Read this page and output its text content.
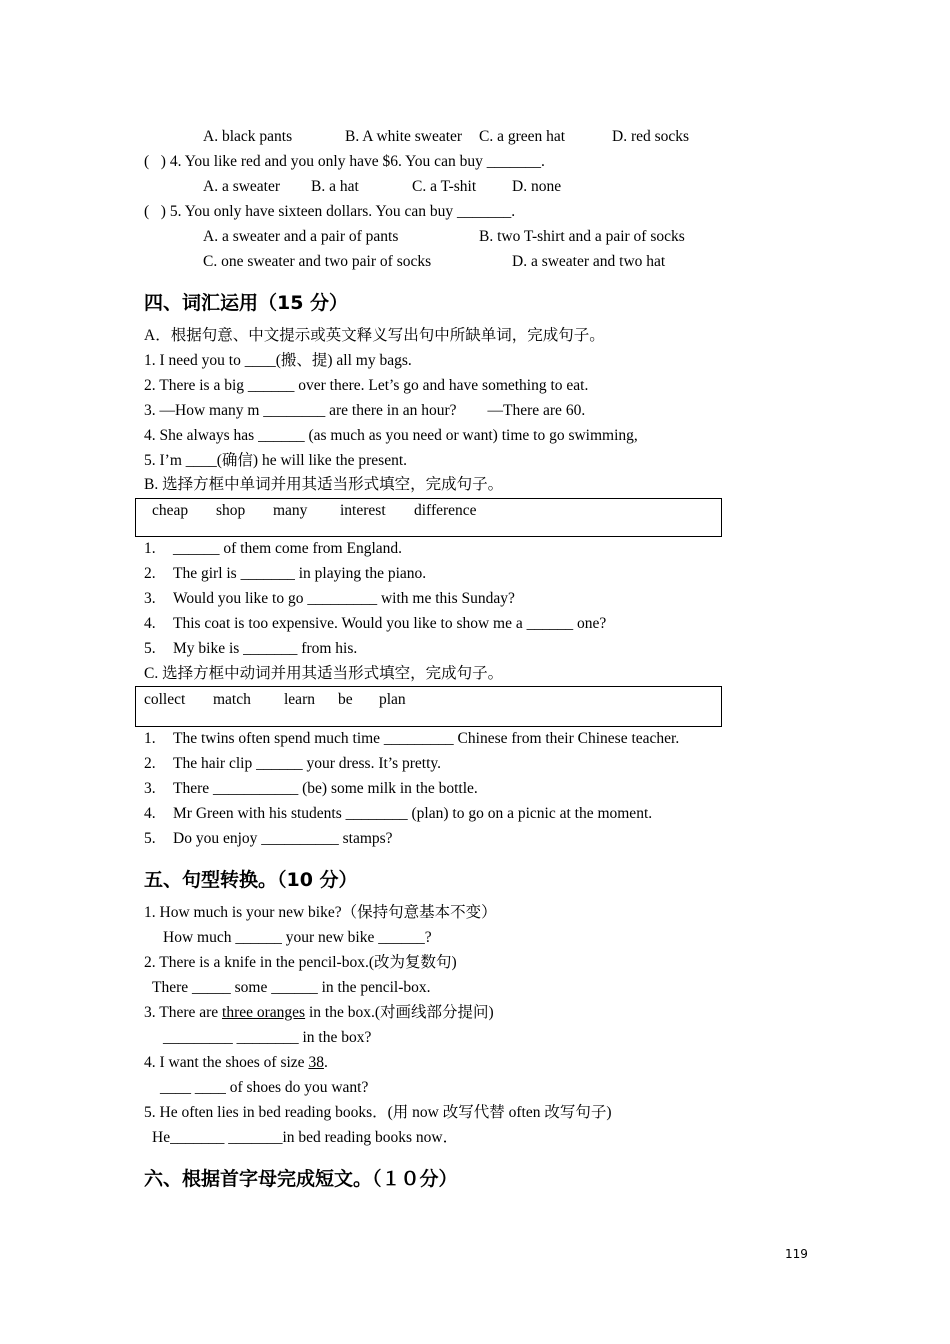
A. black pants	B. A white sweater C. a green hat	D. red socks
(   ) 4. You like red and you only have $6. You can buy _______.
A. a sweater B. a hat	C. a T-shit D. none
(   ) 5. You only have sixteen dollars. You can buy _______.
A. a sweater and a pair of pants	B. two T-shirt and a pair of socks
C. one sweater and two pair of socks	D. a sweater and two hat
四、词汇运用（15 分）
A．根据句意、中文提示或英文释义写出句中所缺单词，完成句子。
1. I need you to ____(搬、提) all my bags.
2. There is a big ______ over there. Let’s go and have something to eat.
3. —How many m ________ are there in an hour?        —There are 60.
4. She always has ______ (as much as you need or want) time to go swimming,
5. I’m ____(确信) he will like the present.
B. 选择方框中单词并用其适当形式填空，完成句子。
cheap shop many interest difference
1. ______ of them come from England.
2. The girl is _______ in playing the piano.
3. Would you like to go _________ with me this Sunday?
4. This coat is too expensive. Would you like to show me a ______ one?
5. My bike is _______ from his.
C. 选择方框中动词并用其适当形式填空，完成句子。
collect match learn be plan
1. The twins often spend much time _________ Chinese from their Chinese teacher.
2. The hair clip ______ your dress. It’s pretty.
3. There ___________ (be) some milk in the bottle.
4. Mr Green with his students ________ (plan) to go on a picnic at the moment.
5. Do you enjoy __________ stamps?
五、句型转换。（10 分）
1. How much is your new bike?（保持句意基本不变）
How much ______ your new bike ______?
2. There is a knife in the pencil-box.(改为复数句)
There _____ some ______ in the pencil-box.
3. There are three oranges in the box.(对画线部分提问)
_________ ________ in the box?
4. I want the shoes of size 38.
____ ____ of shoes do you want?
5. He often lies in bed reading books．(用 now 改写代替 often 改写句子)
He_______ _______in bed reading books now．
六、根据首字母完成短文。（１０分）
119
